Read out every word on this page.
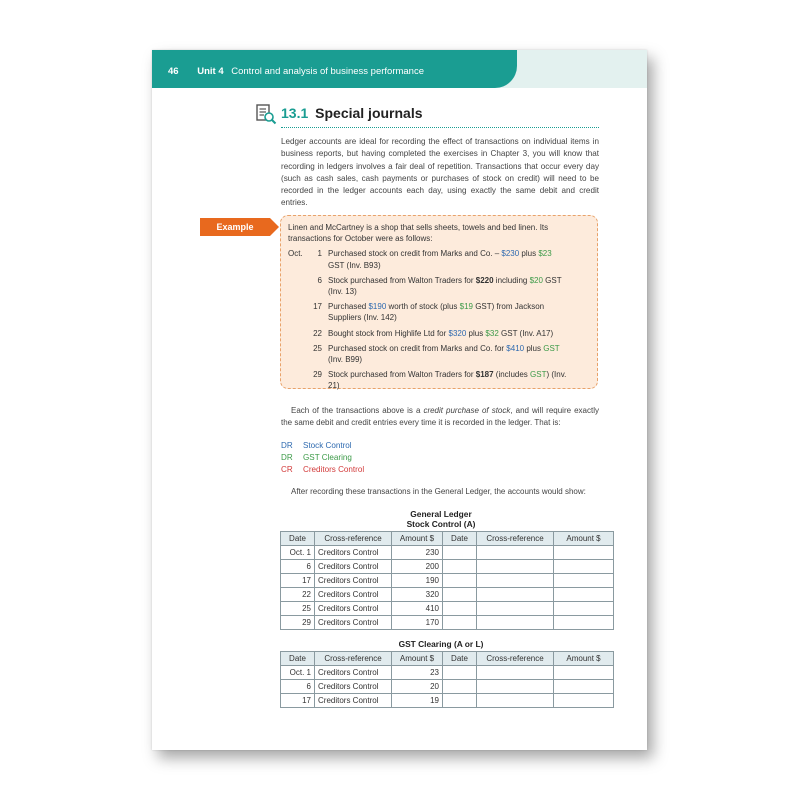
46 Unit 4 Control and analysis of business performance
13.1 Special journals
Ledger accounts are ideal for recording the effect of transactions on individual items in business reports, but having completed the exercises in Chapter 3, you will know that recording in ledgers involves a fair deal of repetition. Transactions that occur every day (such as cash sales, cash payments or purchases of stock on credit) will need to be recorded in the ledger accounts each day, using exactly the same debit and credit entries.
Example	Linen and McCartney is a shop that sells sheets, towels and bed linen. Its transactions for October were as follows:
Oct.	1 Purchased stock on credit from Marks and Co. – $230 plus $23 GST (Inv. B93)
6 Stock purchased from Walton Traders for $220 including $20 GST (Inv. 13)
17 Purchased $190 worth of stock (plus $19 GST) from Jackson Suppliers (Inv. 142)
22 Bought stock from Highlife Ltd for $320 plus $32 GST (Inv. A17)
25 Purchased stock on credit from Marks and Co. for $410 plus GST (Inv. B99)
29 Stock purchased from Walton Traders for $187 (includes GST) (Inv. 21)
Each of the transactions above is a credit purchase of stock, and will require exactly the same debit and credit entries every time it is recorded in the ledger. That is:
DR Stock Control
DR GST Clearing
CR Creditors Control
After recording these transactions in the General Ledger, the accounts would show:
General Ledger
Stock Control (A)
Date	Cross-reference	Amount $	Date	Cross-reference	Amount $
Oct. 1	Creditors Control	230			
6	Creditors Control	200			
17	Creditors Control	190			
22	Creditors Control	320			
25	Creditors Control	410			
29	Creditors Control	170			
GST Clearing (A or L)
Date	Cross-reference	Amount $	Date	Cross-reference	Amount $
Oct. 1	Creditors Control	23			
6	Creditors Control	20			
17	Creditors Control	19			
